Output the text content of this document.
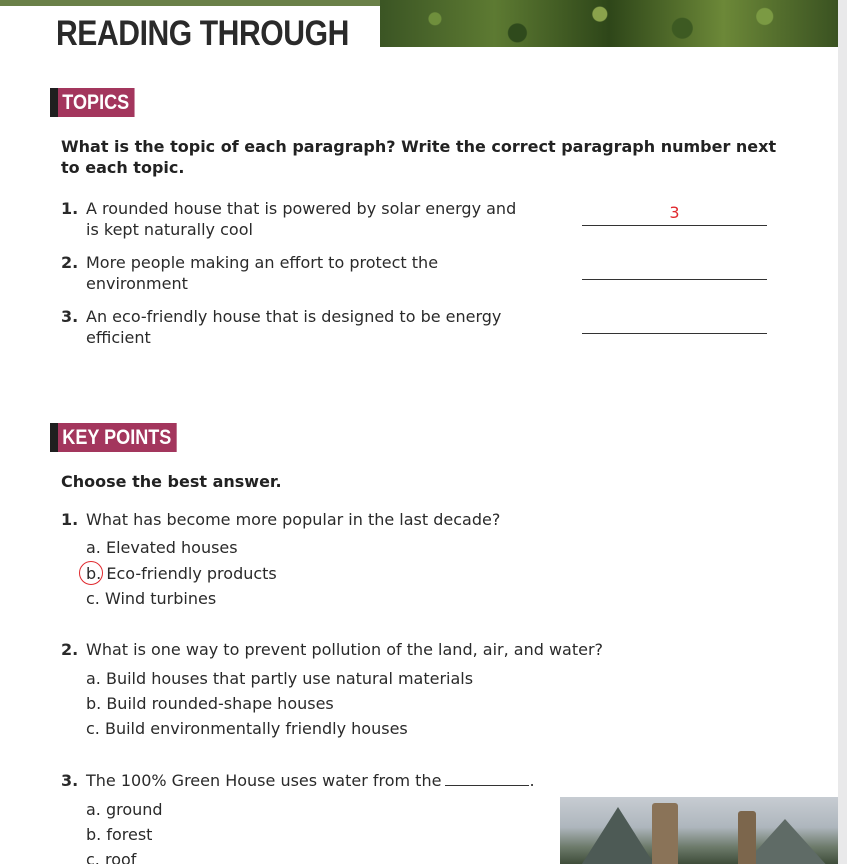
READING THROUGH
TOPICS
What is the topic of each paragraph? Write the correct paragraph number next to each topic.
1. A rounded house that is powered by solar energy and
is kept naturally cool
3
2. More people making an effort to protect the
environment
3. An eco-friendly house that is designed to be energy
efficient
KEY POINTS
Choose the best answer.
1. What has become more popular in the last decade?
a. Elevated houses
b. Eco-friendly products
c. Wind turbines
2. What is one way to prevent pollution of the land, air, and water?
a. Build houses that partly use natural materials
b. Build rounded-shape houses
c. Build environmentally friendly houses
3. The 100% Green House uses water from the	.
a. ground
b. forest
c. roof
